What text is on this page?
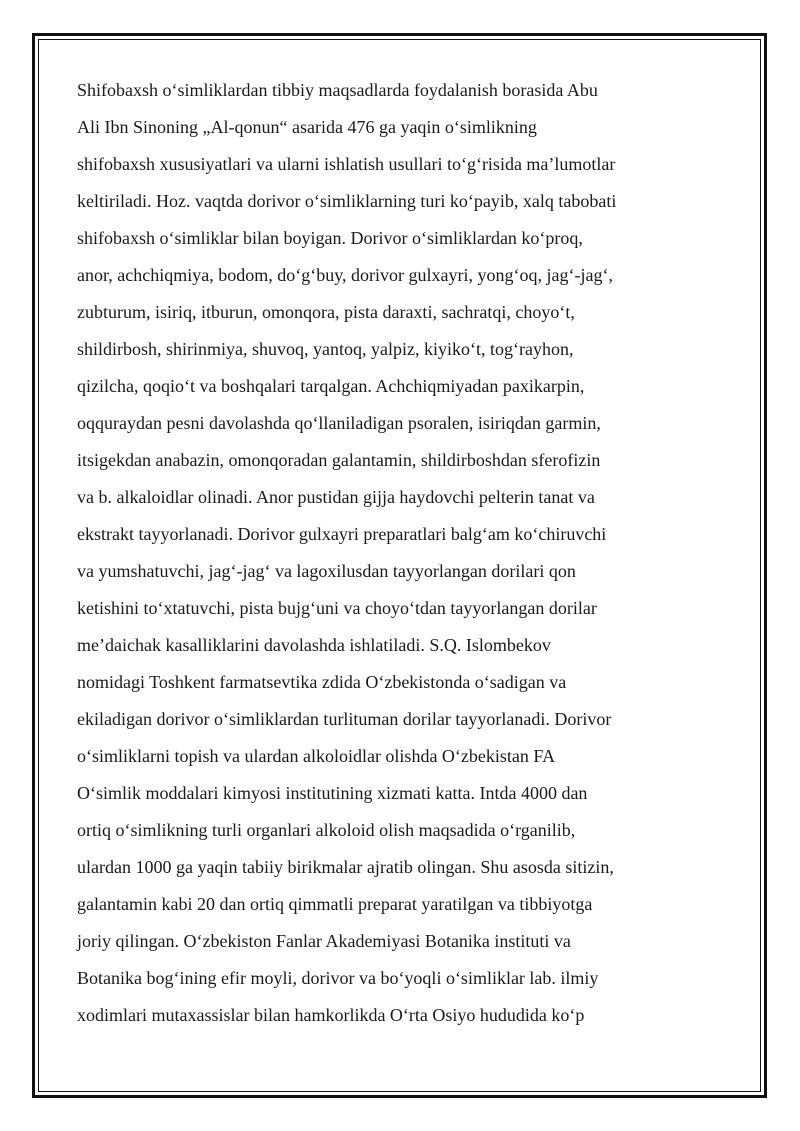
Shifobaxsh o‘simliklardan tibbiy maqsadlarda foydalanish borasida Abu
Ali Ibn Sinoning „Al-qonun“ asarida 476 ga yaqin o‘simlikning
shifobaxsh xususiyatlari va ularni ishlatish usullari to‘g‘risida ma’lumotlar
keltiriladi. Hoz. vaqtda dorivor o‘simliklarning turi ko‘payib, xalq tabobati
shifobaxsh o‘simliklar bilan boyigan. Dorivor o‘simliklardan ko‘proq,
anor, achchiqmiya, bodom, do‘g‘buy, dorivor gulxayri, yong‘oq, jag‘-jag‘,
zubturum, isiriq, itburun, omonqora, pista daraxti, sachratqi, choyo‘t,
shildirbosh, shirinmiya, shuvoq, yantoq, yalpiz, kiyiko‘t, tog‘rayhon,
qizilcha, qoqio‘t va boshqalari tarqalgan. Achchiqmiyadan paxikarpin,
oqquraydan pesni davolashda qo‘llaniladigan psoralen, isiriqdan garmin,
itsigekdan anabazin, omonqoradan galantamin, shildirboshdan sferofizin
va b. alkaloidlar olinadi. Anor pustidan gijja haydovchi pelterin tanat va
ekstrakt tayyorlanadi. Dorivor gulxayri preparatlari balg‘am ko‘chiruvchi
va yumshatuvchi, jag‘-jag‘ va lagoxilusdan tayyorlangan dorilari qon
ketishini to‘xtatuvchi, pista bujg‘uni va choyo‘tdan tayyorlangan dorilar
me’daichak kasalliklarini davolashda ishlatiladi. S.Q. Islombekov
nomidagi Toshkent farmatsevtika zdida O‘zbekistonda o‘sadigan va
ekiladigan dorivor o‘simliklardan turlituman dorilar tayyorlanadi. Dorivor
o‘simliklarni topish va ulardan alkoloidlar olishda O‘zbekistan FA
O‘simlik moddalari kimyosi institutining xizmati katta. Intda 4000 dan
ortiq o‘simlikning turli organlari alkoloid olish maqsadida o‘rganilib,
ulardan 1000 ga yaqin tabiiy birikmalar ajratib olingan. Shu asosda sitizin,
galantamin kabi 20 dan ortiq qimmatli preparat yaratilgan va tibbiyotga
joriy qilingan. O‘zbekiston Fanlar Akademiyasi Botanika instituti va
Botanika bog‘ining efir moyli, dorivor va bo‘yoqli o‘simliklar lab. ilmiy
xodimlari mutaxassislar bilan hamkorlikda O‘rta Osiyo hududida ko‘p
